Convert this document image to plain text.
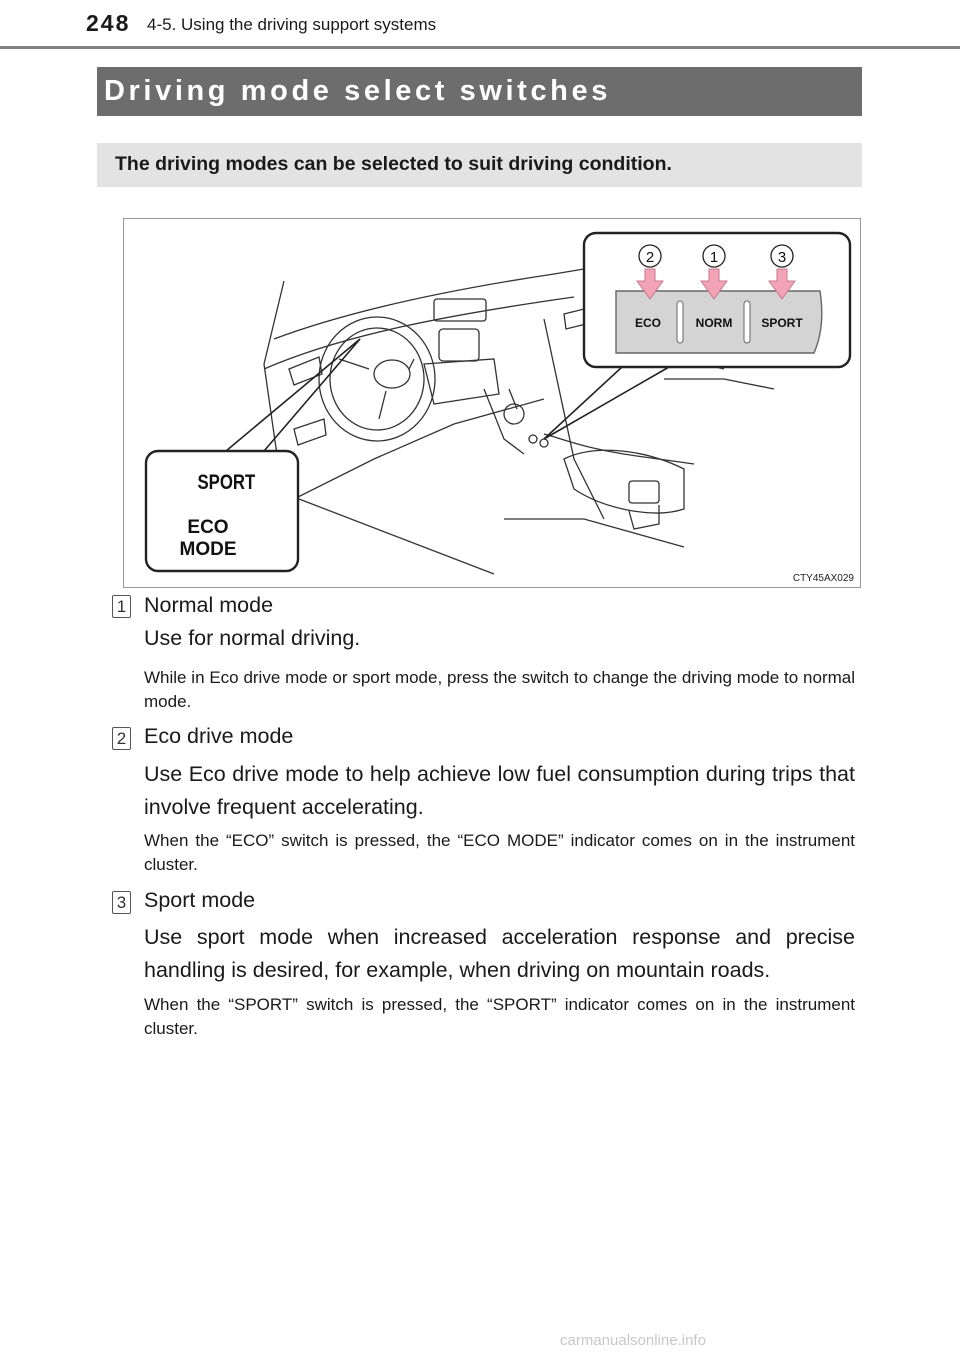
248 4-5. Using the driving support systems
Driving mode select switches
The driving modes can be selected to suit driving condition.
ECO	NORM SPORT
2	1	3
SPORT
ECO
MODE
CTY45AX029
1 Normal mode
Use for normal driving.
While in Eco drive mode or sport mode, press the switch to change the driving mode to normal mode.
2 Eco drive mode
Use Eco drive mode to help achieve low fuel consumption during trips that involve frequent accelerating.
When the “ECO” switch is pressed, the “ECO MODE” indicator comes on in the instrument cluster.
3 Sport mode
Use sport mode when increased acceleration response and precise handling is desired, for example, when driving on mountain roads.
When the “SPORT” switch is pressed, the “SPORT” indicator comes on in the instrument cluster.
carmanualsonline.info
